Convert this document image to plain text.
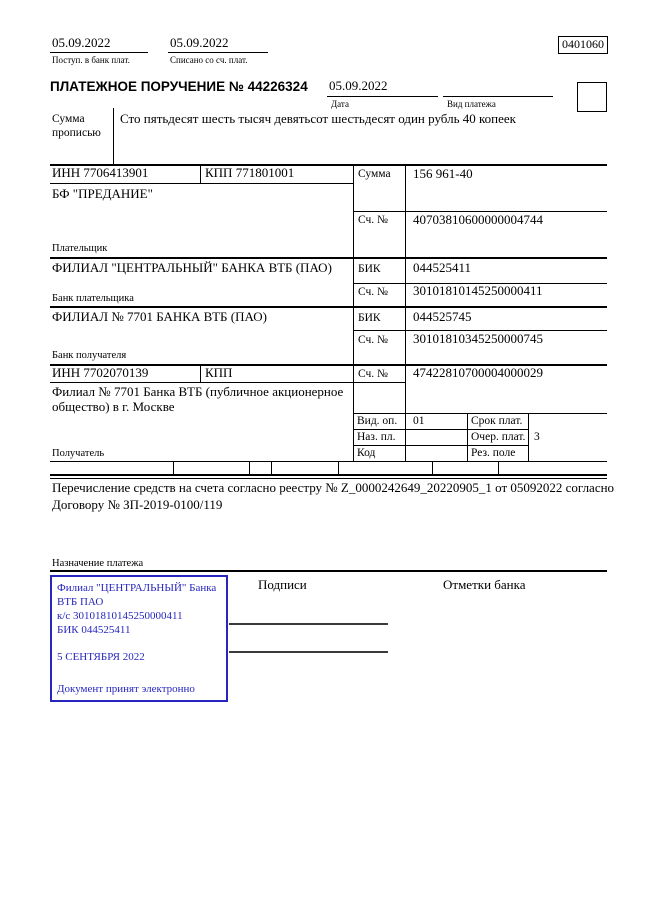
05.09.2022
Поступ. в банк плат.
05.09.2022
Списано со сч. плат.
0401060
ПЛАТЕЖНОЕ ПОРУЧЕНИЕ № 44226324 05.09.2022
Дата	Вид платежа
Сумма
прописью
Сто пятьдесят шесть тысяч девятьсот шестьдесят один рубль 40 копеек
ИНН 7706413901	КПП 771801001
БФ "ПРЕДАНИЕ"
Плательщик
Сумма 156 961-40
Сч. № 40703810600000004744
ФИЛИАЛ "ЦЕНТРАЛЬНЫЙ" БАНКА ВТБ (ПАО)
Банк плательщика
БИК 044525411
Сч. № 30101810145250000411
ФИЛИАЛ № 7701 БАНКА ВТБ (ПАО)
Банк получателя
БИК 044525745
Сч. № 30101810345250000745
ИНН 7702070139	КПП
Филиал № 7701 Банка ВТБ (публичное акционерное общество) в г. Москве
Получатель
Сч. № 47422810700004000029
Вид. оп. 01	Срок плат.
Наз. пл.	Очер. плат. 3
Код	Рез. поле
Перечисление средств на счета согласно реестру № Z_0000242649_20220905_1 от 05092022 согласно
Договору № ЗП-2019-0100/119
Назначение платежа
Подписи	Отметки банка
Филиал "ЦЕНТРАЛЬНЫЙ" Банка
ВТБ ПАО
к/с 30101810145250000411
БИК 044525411
5 СЕНТЯБРЯ 2022
Документ принят электронно
